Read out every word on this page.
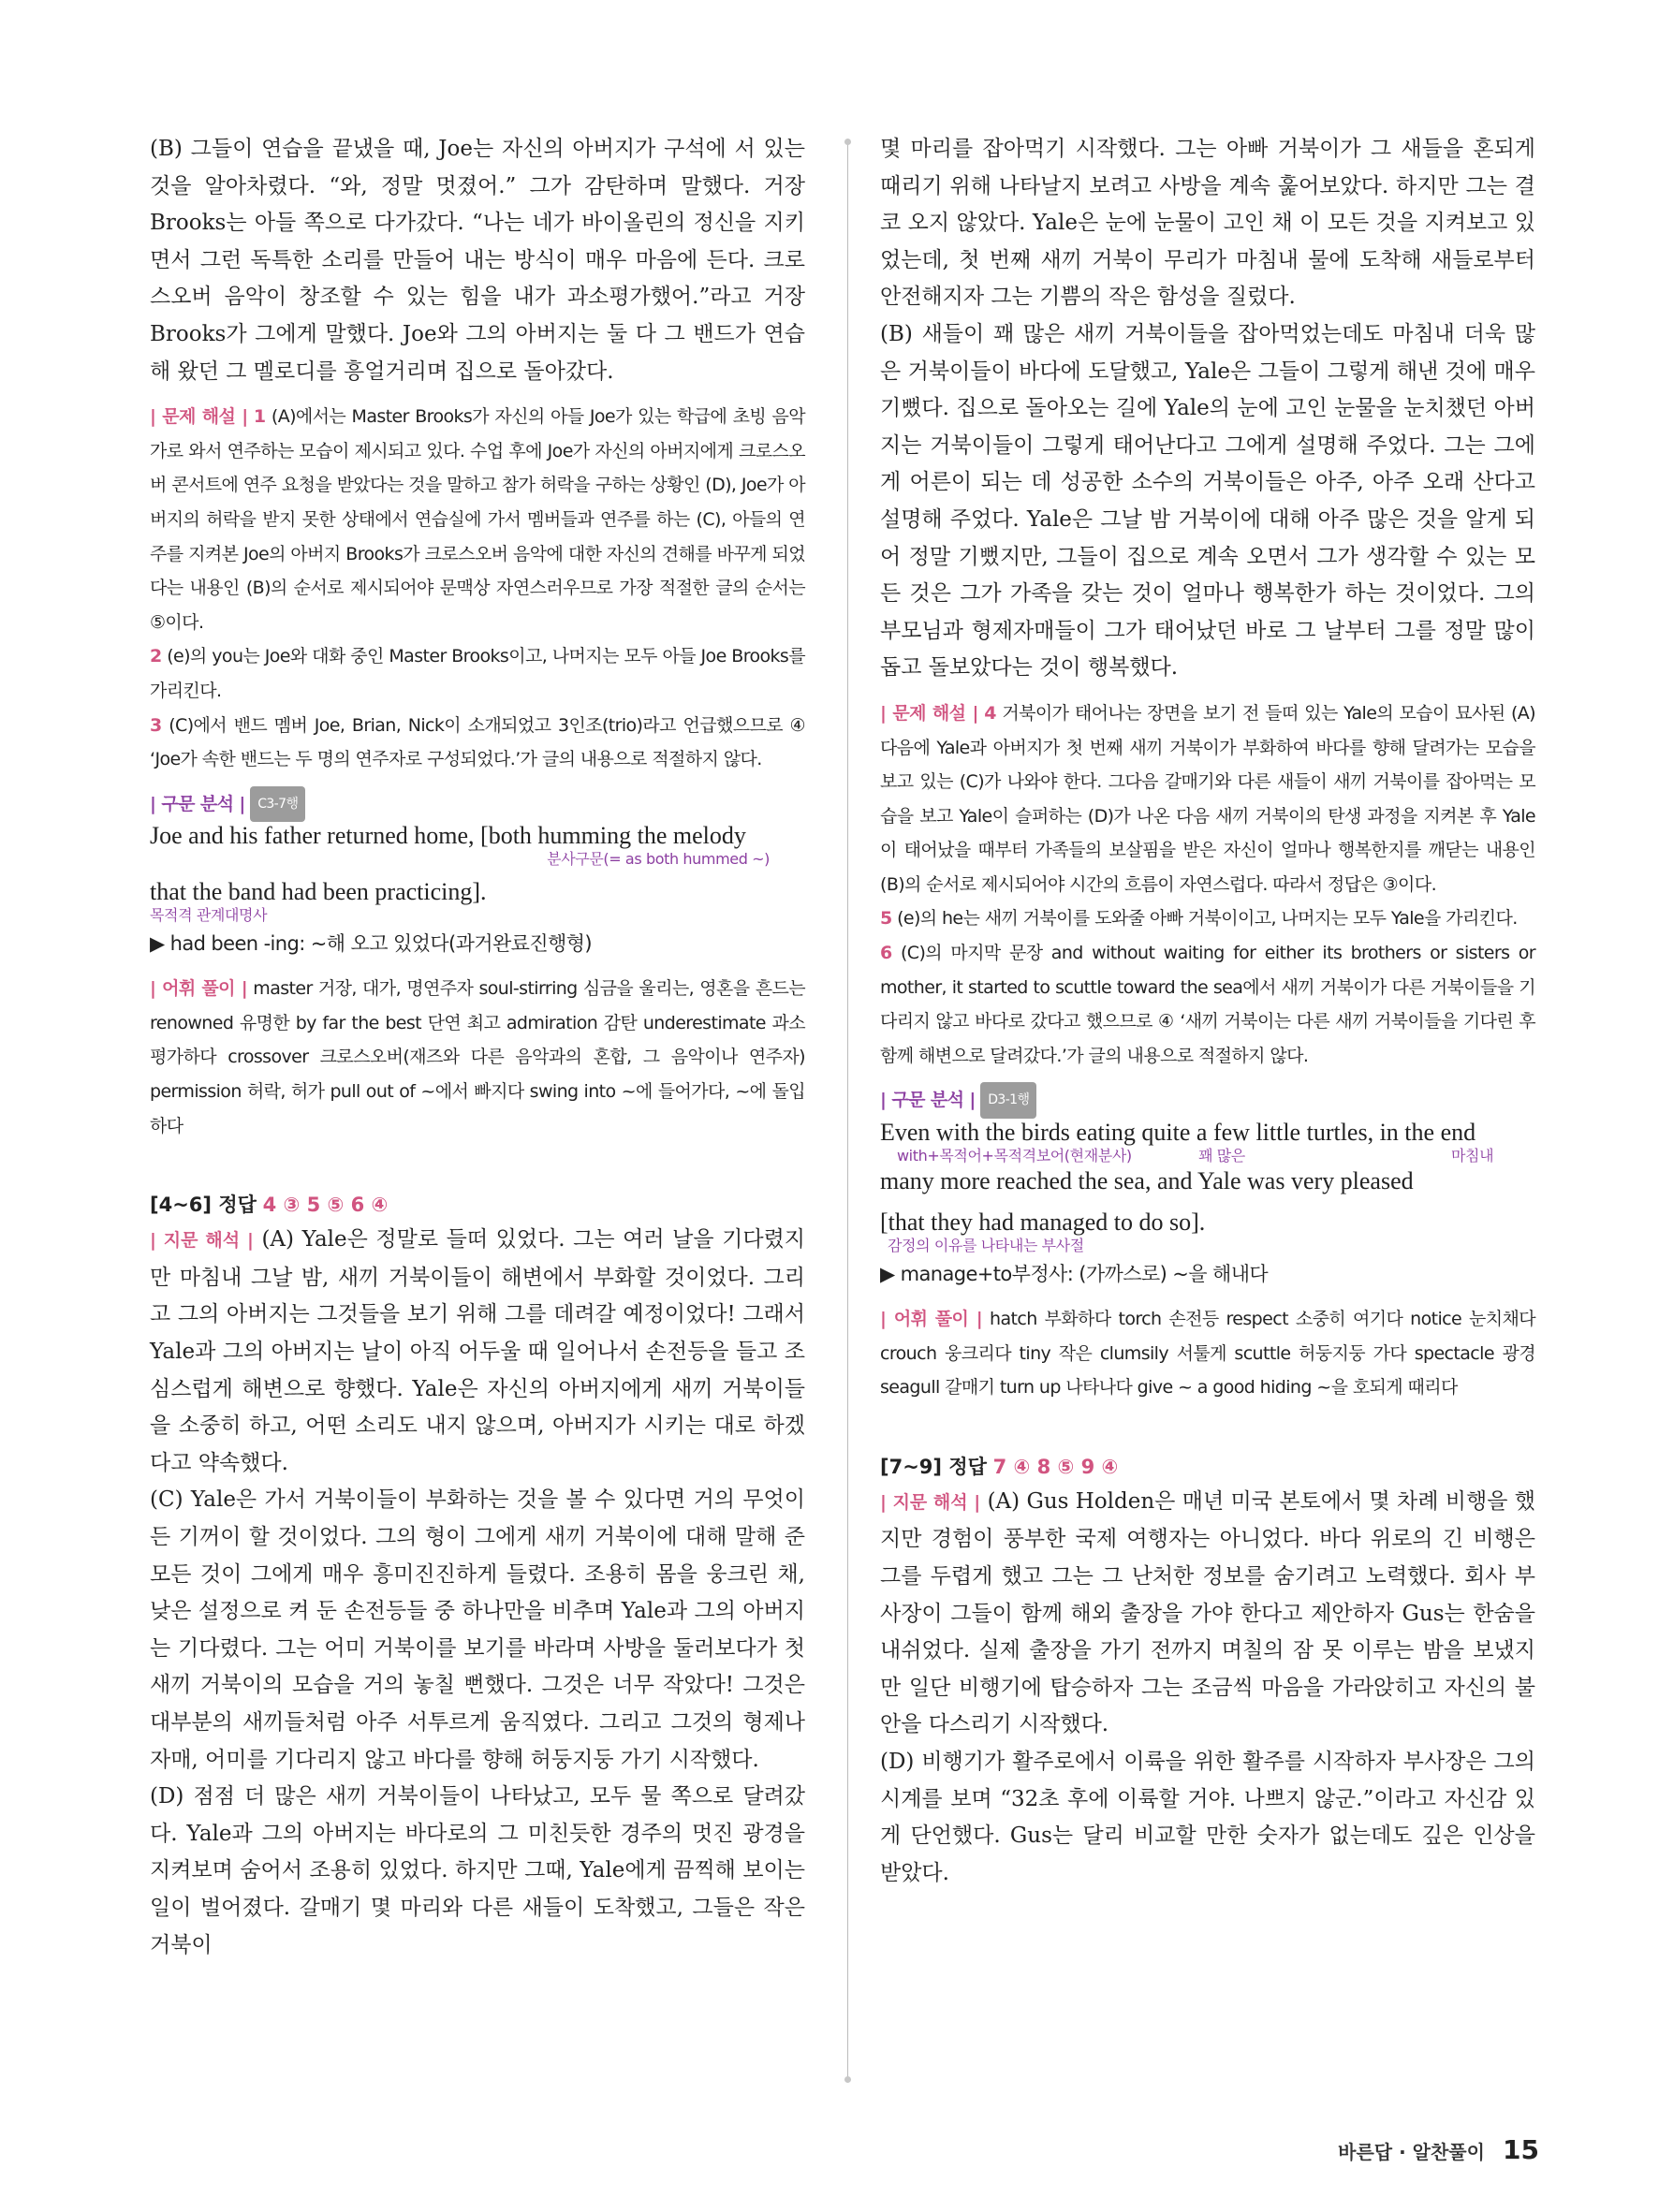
(B) 그들이 연습을 끝냈을 때, Joe는 자신의 아버지가 구석에 서 있는 것을 알아차렸다. “와, 정말 멋졌어.” 그가 감탄하며 말했다. 거장 Brooks는 아들 쪽으로 다가갔다. “나는 네가 바이올린의 정신을 지키면서 그런 독특한 소리를 만들어 내는 방식이 매우 마음에 든다. 크로스오버 음악이 창조할 수 있는 힘을 내가 과소평가했어.”라고 거장 Brooks가 그에게 말했다. Joe와 그의 아버지는 둘 다 그 밴드가 연습해 왔던 그 멜로디를 흥얼거리며 집으로 돌아갔다.

| 문제 해설 | 1 (A)에서는 Master Brooks가 자신의 아들 Joe가 있는 학급에 초빙 음악가로 와서 연주하는 모습이 제시되고 있다. 수업 후에 Joe가 자신의 아버지에게 크로스오버 콘서트에 연주 요청을 받았다는 것을 말하고 참가 허락을 구하는 상황인 (D), Joe가 아버지의 허락을 받지 못한 상태에서 연습실에 가서 멤버들과 연주를 하는 (C), 아들의 연주를 지켜본 Joe의 아버지 Brooks가 크로스오버 음악에 대한 자신의 견해를 바꾸게 되었다는 내용인 (B)의 순서로 제시되어야 문맥상 자연스러우므로 가장 적절한 글의 순서는 ⑤이다.

2 (e)의 you는 Joe와 대화 중인 Master Brooks이고, 나머지는 모두 아들 Joe Brooks를 가리킨다.

3 (C)에서 밴드 멤버 Joe, Brian, Nick이 소개되었고 3인조(trio)라고 언급했으므로 ④ ‘Joe가 속한 밴드는 두 명의 연주자로 구성되었다.’가 글의 내용으로 적절하지 않다.

| 구문 분석 | C3-7행

Joe and his father returned home, [both humming the melody

분사구문(= as both hummed ~)

that the band had been practicing].

목적격 관계대명사

▶ had been -ing: ~해 오고 있었다(과거완료진행형)

| 어휘 풀이 | master 거장, 대가, 명연주자 soul-stirring 심금을 울리는, 영혼을 흔드는 renowned 유명한 by far the best 단연 최고 admiration 감탄 underestimate 과소평가하다 crossover 크로스오버(재즈와 다른 음악과의 혼합, 그 음악이나 연주자) permission 허락, 허가 pull out of ~에서 빠지다 swing into ~에 들어가다, ~에 돌입하다

[4~6] 정답 4 ③ 5 ⑤ 6 ④

| 지문 해석 | (A) Yale은 정말로 들떠 있었다. 그는 여러 날을 기다렸지만 마침내 그날 밤, 새끼 거북이들이 해변에서 부화할 것이었다. 그리고 그의 아버지는 그것들을 보기 위해 그를 데려갈 예정이었다! 그래서 Yale과 그의 아버지는 날이 아직 어두울 때 일어나서 손전등을 들고 조심스럽게 해변으로 향했다. Yale은 자신의 아버지에게 새끼 거북이들을 소중히 하고, 어떤 소리도 내지 않으며, 아버지가 시키는 대로 하겠다고 약속했다.

(C) Yale은 가서 거북이들이 부화하는 것을 볼 수 있다면 거의 무엇이든 기꺼이 할 것이었다. 그의 형이 그에게 새끼 거북이에 대해 말해 준 모든 것이 그에게 매우 흥미진진하게 들렸다. 조용히 몸을 웅크린 채, 낮은 설정으로 켜 둔 손전등들 중 하나만을 비추며 Yale과 그의 아버지는 기다렸다. 그는 어미 거북이를 보기를 바라며 사방을 둘러보다가 첫 새끼 거북이의 모습을 거의 놓칠 뻔했다. 그것은 너무 작았다! 그것은 대부분의 새끼들처럼 아주 서투르게 움직였다. 그리고 그것의 형제나 자매, 어미를 기다리지 않고 바다를 향해 허둥지둥 가기 시작했다.

(D) 점점 더 많은 새끼 거북이들이 나타났고, 모두 물 쪽으로 달려갔다. Yale과 그의 아버지는 바다로의 그 미친듯한 경주의 멋진 광경을 지켜보며 숨어서 조용히 있었다. 하지만 그때, Yale에게 끔찍해 보이는 일이 벌어졌다. 갈매기 몇 마리와 다른 새들이 도착했고, 그들은 작은 거북이

몇 마리를 잡아먹기 시작했다. 그는 아빠 거북이가 그 새들을 혼되게 때리기 위해 나타날지 보려고 사방을 계속 훑어보았다. 하지만 그는 결코 오지 않았다. Yale은 눈에 눈물이 고인 채 이 모든 것을 지켜보고 있었는데, 첫 번째 새끼 거북이 무리가 마침내 물에 도착해 새들로부터 안전해지자 그는 기쁨의 작은 함성을 질렀다.

(B) 새들이 꽤 많은 새끼 거북이들을 잡아먹었는데도 마침내 더욱 많은 거북이들이 바다에 도달했고, Yale은 그들이 그렇게 해낸 것에 매우 기뻤다. 집으로 돌아오는 길에 Yale의 눈에 고인 눈물을 눈치챘던 아버지는 거북이들이 그렇게 태어난다고 그에게 설명해 주었다. 그는 그에게 어른이 되는 데 성공한 소수의 거북이들은 아주, 아주 오래 산다고 설명해 주었다. Yale은 그날 밤 거북이에 대해 아주 많은 것을 알게 되어 정말 기뻤지만, 그들이 집으로 계속 오면서 그가 생각할 수 있는 모든 것은 그가 가족을 갖는 것이 얼마나 행복한가 하는 것이었다. 그의 부모님과 형제자매들이 그가 태어났던 바로 그 날부터 그를 정말 많이 돕고 돌보았다는 것이 행복했다.

| 문제 해설 | 4 거북이가 태어나는 장면을 보기 전 들떠 있는 Yale의 모습이 묘사된 (A) 다음에 Yale과 아버지가 첫 번째 새끼 거북이가 부화하여 바다를 향해 달려가는 모습을 보고 있는 (C)가 나와야 한다. 그다음 갈매기와 다른 새들이 새끼 거북이를 잡아먹는 모습을 보고 Yale이 슬퍼하는 (D)가 나온 다음 새끼 거북이의 탄생 과정을 지켜본 후 Yale이 태어났을 때부터 가족들의 보살핌을 받은 자신이 얼마나 행복한지를 깨닫는 내용인 (B)의 순서로 제시되어야 시간의 흐름이 자연스럽다. 따라서 정답은 ③이다.

5 (e)의 he는 새끼 거북이를 도와줄 아빠 거북이이고, 나머지는 모두 Yale을 가리킨다.

6 (C)의 마지막 문장 and without waiting for either its brothers or sisters or mother, it started to scuttle toward the sea에서 새끼 거북이가 다른 거북이들을 기다리지 않고 바다로 갔다고 했으므로 ④ ‘새끼 거북이는 다른 새끼 거북이들을 기다린 후 함께 해변으로 달려갔다.’가 글의 내용으로 적절하지 않다.

| 구문 분석 | D3-1행

Even with the birds eating quite a few little turtles, in the end

with+목적어+목적격보어(현재분사)	꽤 많은	마침내

many more reached the sea, and Yale was very pleased

[that they had managed to do so].

감정의 이유를 나타내는 부사절

▶ manage+to부정사: (가까스로) ~을 해내다

| 어휘 풀이 | hatch 부화하다 torch 손전등 respect 소중히 여기다 notice 눈치채다 crouch 웅크리다 tiny 작은 clumsily 서툴게 scuttle 허둥지둥 가다 spectacle 광경 seagull 갈매기 turn up 나타나다 give ~ a good hiding ~을 호되게 때리다

[7~9] 정답 7 ④ 8 ⑤ 9 ④

| 지문 해석 | (A) Gus Holden은 매년 미국 본토에서 몇 차례 비행을 했지만 경험이 풍부한 국제 여행자는 아니었다. 바다 위로의 긴 비행은 그를 두렵게 했고 그는 그 난처한 정보를 숨기려고 노력했다. 회사 부사장이 그들이 함께 해외 출장을 가야 한다고 제안하자 Gus는 한숨을 내쉬었다. 실제 출장을 가기 전까지 며칠의 잠 못 이루는 밤을 보냈지만 일단 비행기에 탑승하자 그는 조금씩 마음을 가라앉히고 자신의 불안을 다스리기 시작했다.

(D) 비행기가 활주로에서 이륙을 위한 활주를 시작하자 부사장은 그의 시계를 보며 “32초 후에 이륙할 거야. 나쁘지 않군.”이라고 자신감 있게 단언했다. Gus는 달리 비교할 만한 숫자가 없는데도 깊은 인상을 받았다.

바른답 · 알찬풀이 15
